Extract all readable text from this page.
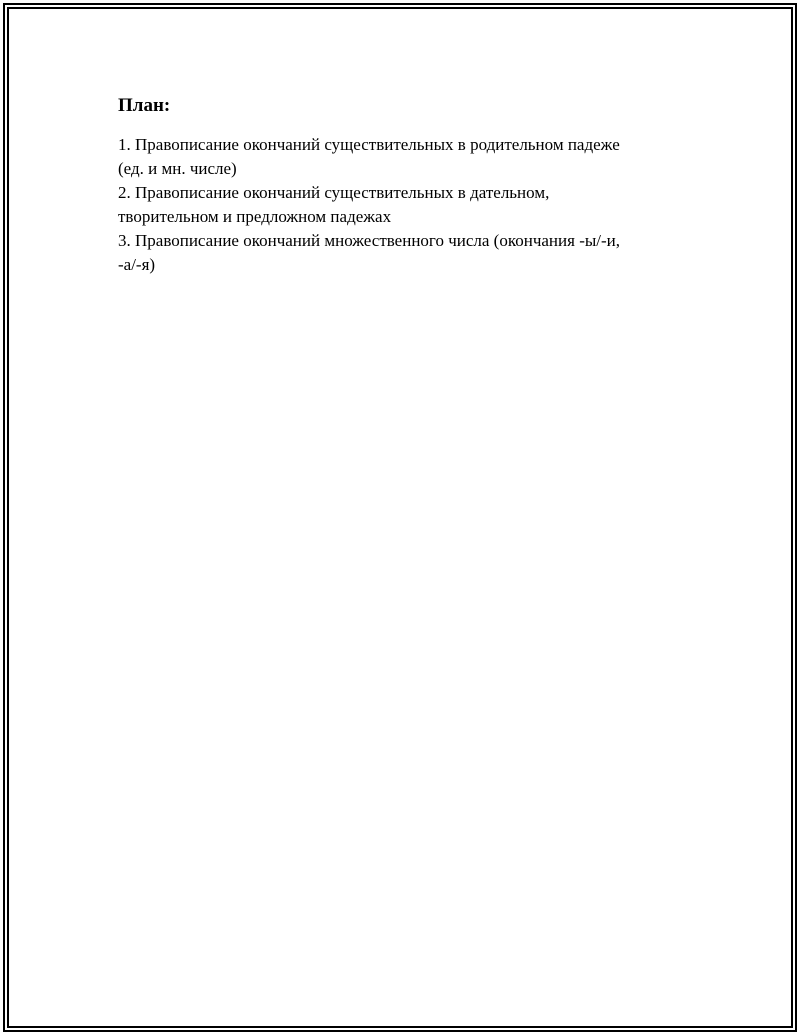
План:
1. Правописание окончаний существительных в родительном падеже
(ед. и мн. числе)
2. Правописание окончаний существительных в дательном,
творительном и предложном падежах
3. Правописание окончаний множественного числа (окончания -ы/-и,
-а/-я)
